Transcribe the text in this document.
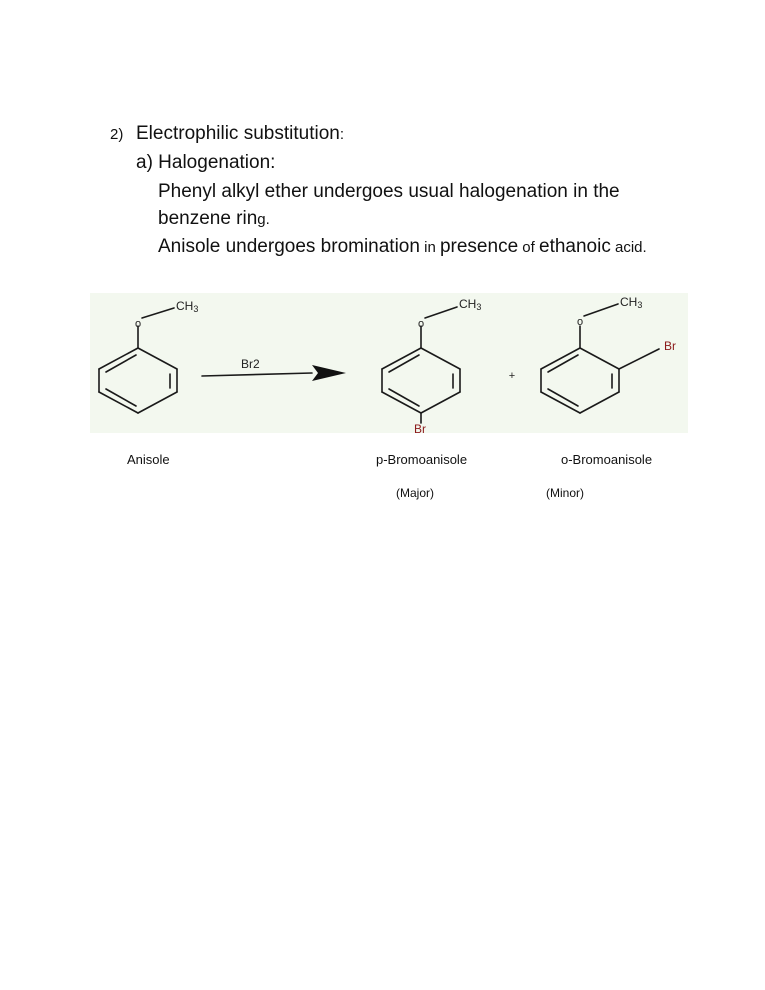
2) Electrophilic substitution:
a) Halogenation:
Phenyl alkyl ether undergoes usual halogenation in the
benzene ring.
Anisole undergoes bromination in presence of ethanoic acid.
o	o	o
CH3	CH3	CH3
Br2
+
Br
Br
Anisole	p-Bromoanisole	o-Bromoanisole
(Major)	(Minor)
